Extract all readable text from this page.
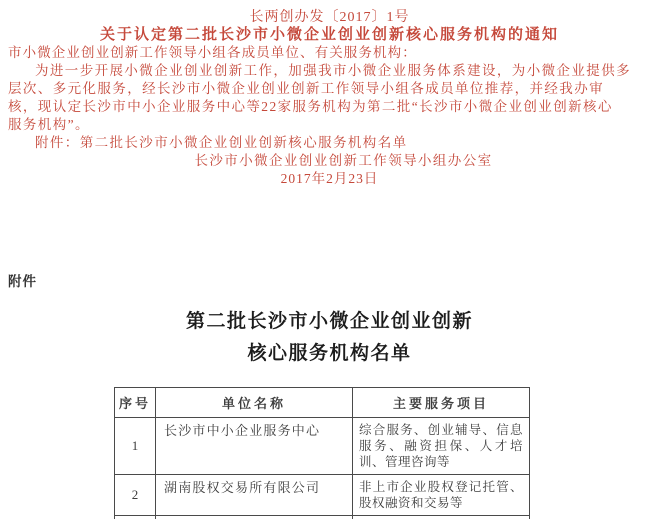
长两创办发〔2017〕1号
关于认定第二批长沙市小微企业创业创新核心服务机构的通知
市小微企业创业创新工作领导小组各成员单位、有关服务机构：
为进一步开展小微企业创业创新工作，加强我市小微企业服务体系建设，为小微企业提供多
层次、多元化服务，经长沙市小微企业创业创新工作领导小组各成员单位推荐，并经我办审
核，现认定长沙市中小企业服务中心等22家服务机构为第二批“长沙市小微企业创业创新核心
服务机构”。
附件：第二批长沙市小微企业创业创新核心服务机构名单
长沙市小微企业创业创新工作领导小组办公室
2017年2月23日
附件
第二批长沙市小微企业创业创新
核心服务机构名单
序号	单位名称	主要服务项目
1	长沙市中小企业服务中心	综合服务、创业辅导、信息服务、融资担保、人才培训、管理咨询等
2	湖南股权交易所有限公司	非上市企业股权登记托管、股权融资和交易等
